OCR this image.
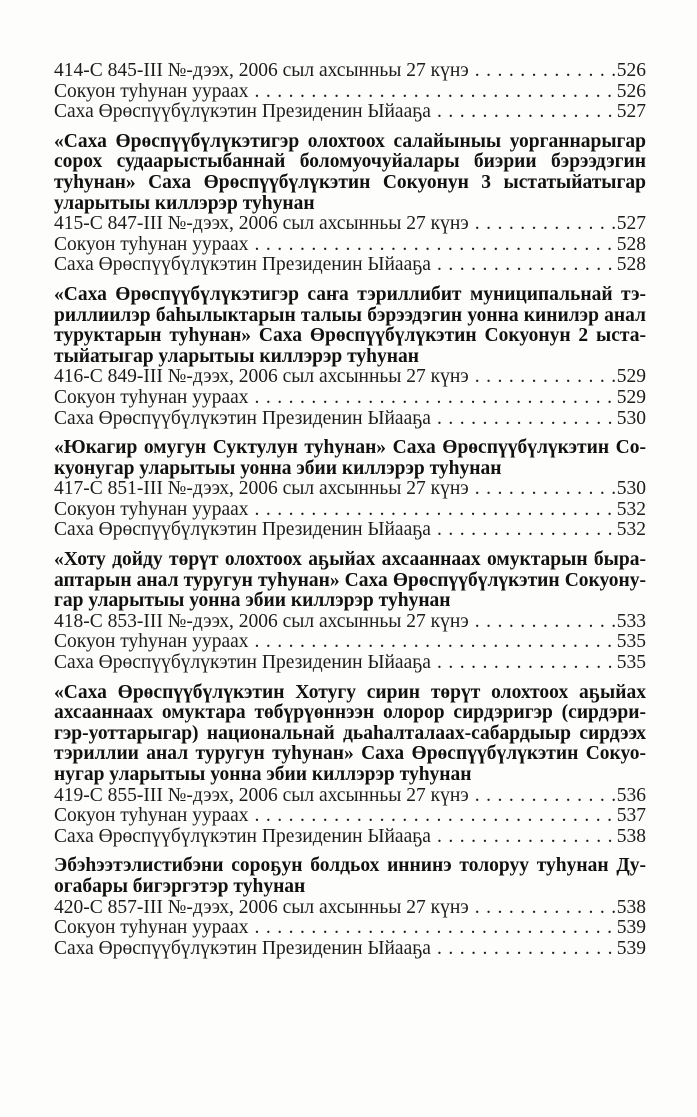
414-С 845-III №-дээх, 2006 сыл ахсынньы 27 күнэ .....	526
Сокуон туһунан уураах .....	526
Саха Өрөспүүбүлүкэтин Президенин Ыйааҕа .....	527
«Саха Өрөспүүбүлүкэтигэр олохтоох салайыныы уорганнарыгар
сорох судаарыстыбаннай боломуочуйалары биэрии бэрээдэгин
туһунан» Саха Өрөспүүбүлүкэтин Сокуонун 3 ыстатыйатыгар
уларытыы киллэрэр туһунан
415-С 847-III №-дээх, 2006 сыл ахсынньы 27 күнэ .....	527
Сокуон туһунан уураах .....	528
Саха Өрөспүүбүлүкэтин Президенин Ыйааҕа .....	528
«Саха Өрөспүүбүлүкэтигэр саҥа тэриллибит муниципальнай тэ-
риллиилэр баһылыктарын талыы бэрээдэгин уонна кинилэр анал
туруктарын туһунан» Саха Өрөспүүбүлүкэтин Сокуонун 2 ыста-
тыйатыгар уларытыы киллэрэр туһунан
416-С 849-III №-дээх, 2006 сыл ахсынньы 27 күнэ .....	529
Сокуон туһунан уураах .....	529
Саха Өрөспүүбүлүкэтин Президенин Ыйааҕа .....	530
«Юкагир омугун Суктулун туһунан» Саха Өрөспүүбүлүкэтин Со-
куонугар уларытыы уонна эбии киллэрэр туһунан
417-С 851-III №-дээх, 2006 сыл ахсынньы 27 күнэ .....	530
Сокуон туһунан уураах .....	532
Саха Өрөспүүбүлүкэтин Президенин Ыйааҕа .....	532
«Хоту дойду төрүт олохтоох аҕыйах ахсааннаах омуктарын быра-
аптарын анал туругун туһунан» Саха Өрөспүүбүлүкэтин Сокуону-
гар уларытыы уонна эбии киллэрэр туһунан
418-С 853-III №-дээх, 2006 сыл ахсынньы 27 күнэ .....	533
Сокуон туһунан уураах .....	535
Саха Өрөспүүбүлүкэтин Президенин Ыйааҕа .....	535
«Саха Өрөспүүбүлүкэтин Хотугу сирин төрүт олохтоох аҕыйах
ахсааннаах омуктара төбүрүөннээн олорор сирдэригэр (сирдэри-
гэр-уоттарыгар) национальнай дьаһалталаах-сабардыыр сирдээх
тэриллии анал туругун туһунан» Саха Өрөспүүбүлүкэтин Сокуо-
нугар уларытыы уонна эбии киллэрэр туһунан
419-С 855-III №-дээх, 2006 сыл ахсынньы 27 күнэ .....	536
Сокуон туһунан уураах .....	537
Саха Өрөспүүбүлүкэтин Президенин Ыйааҕа .....	538
Эбэһээтэлистибэни сороҕун болдьох иннинэ толоруу туһунан Ду-
огабары бигэргэтэр туһунан
420-С 857-III №-дээх, 2006 сыл ахсынньы 27 күнэ .....	538
Сокуон туһунан уураах .....	539
Саха Өрөспүүбүлүкэтин Президенин Ыйааҕа .....	539
